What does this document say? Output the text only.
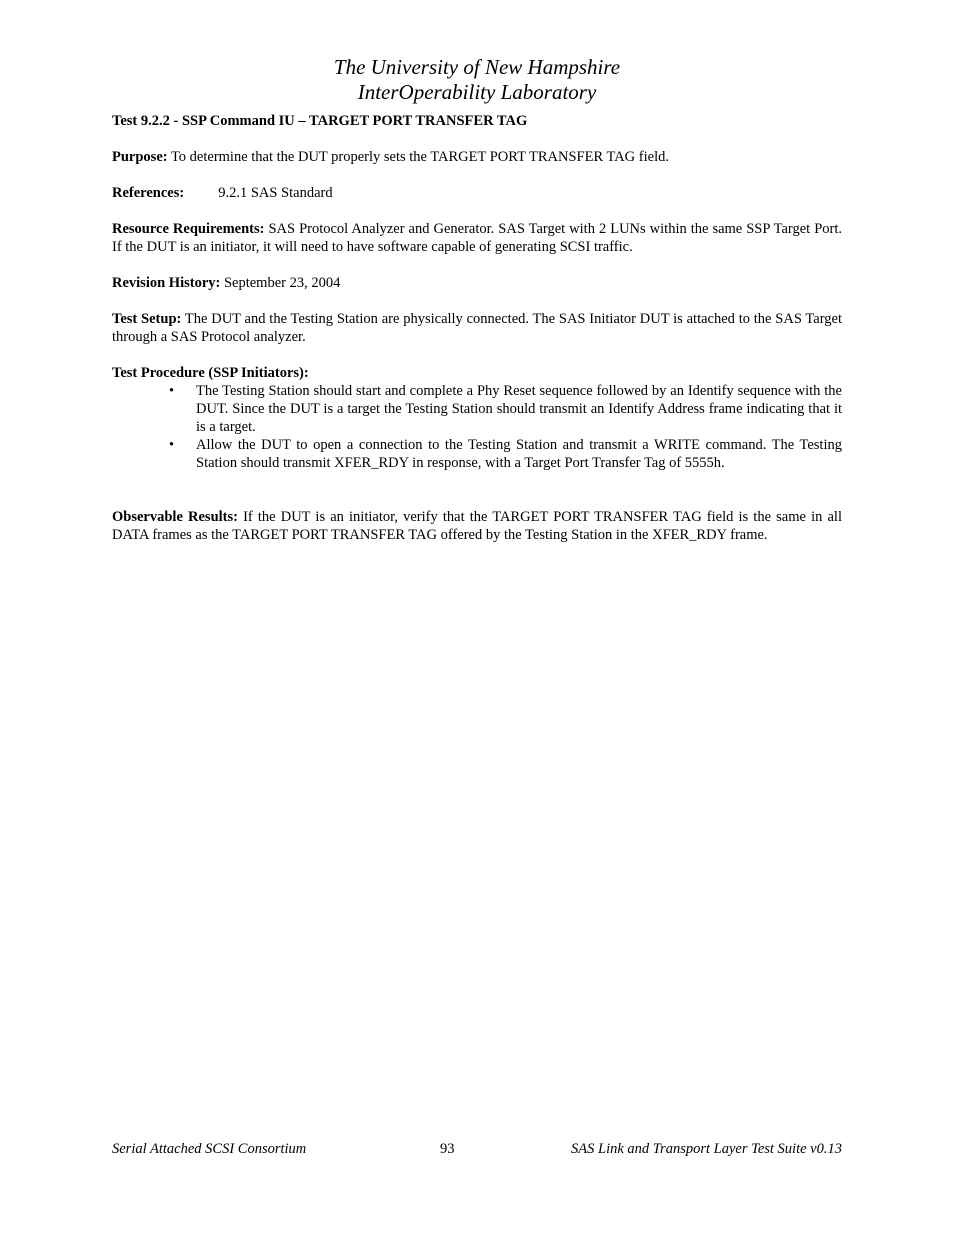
The University of New Hampshire
InterOperability Laboratory

Test 9.2.2 - SSP Command IU – TARGET PORT TRANSFER TAG

Purpose: To determine that the DUT properly sets the TARGET PORT TRANSFER TAG field.

References: 9.2.1 SAS Standard

Resource Requirements: SAS Protocol Analyzer and Generator. SAS Target with 2 LUNs within the same SSP Target Port. If the DUT is an initiator, it will need to have software capable of generating SCSI traffic.

Revision History: September 23, 2004

Test Setup: The DUT and the Testing Station are physically connected. The SAS Initiator DUT is attached to the SAS Target through a SAS Protocol analyzer.

Test Procedure (SSP Initiators):

• The Testing Station should start and complete a Phy Reset sequence followed by an Identify sequence with the DUT. Since the DUT is a target the Testing Station should transmit an Identify Address frame indicating that it is a target.
• Allow the DUT to open a connection to the Testing Station and transmit a WRITE command. The Testing Station should transmit XFER_RDY in response, with a Target Port Transfer Tag of 5555h.

Observable Results: If the DUT is an initiator, verify that the TARGET PORT TRANSFER TAG field is the same in all DATA frames as the TARGET PORT TRANSFER TAG offered by the Testing Station in the XFER_RDY frame.

Serial Attached SCSI Consortium	93	SAS Link and Transport Layer Test Suite v0.13
